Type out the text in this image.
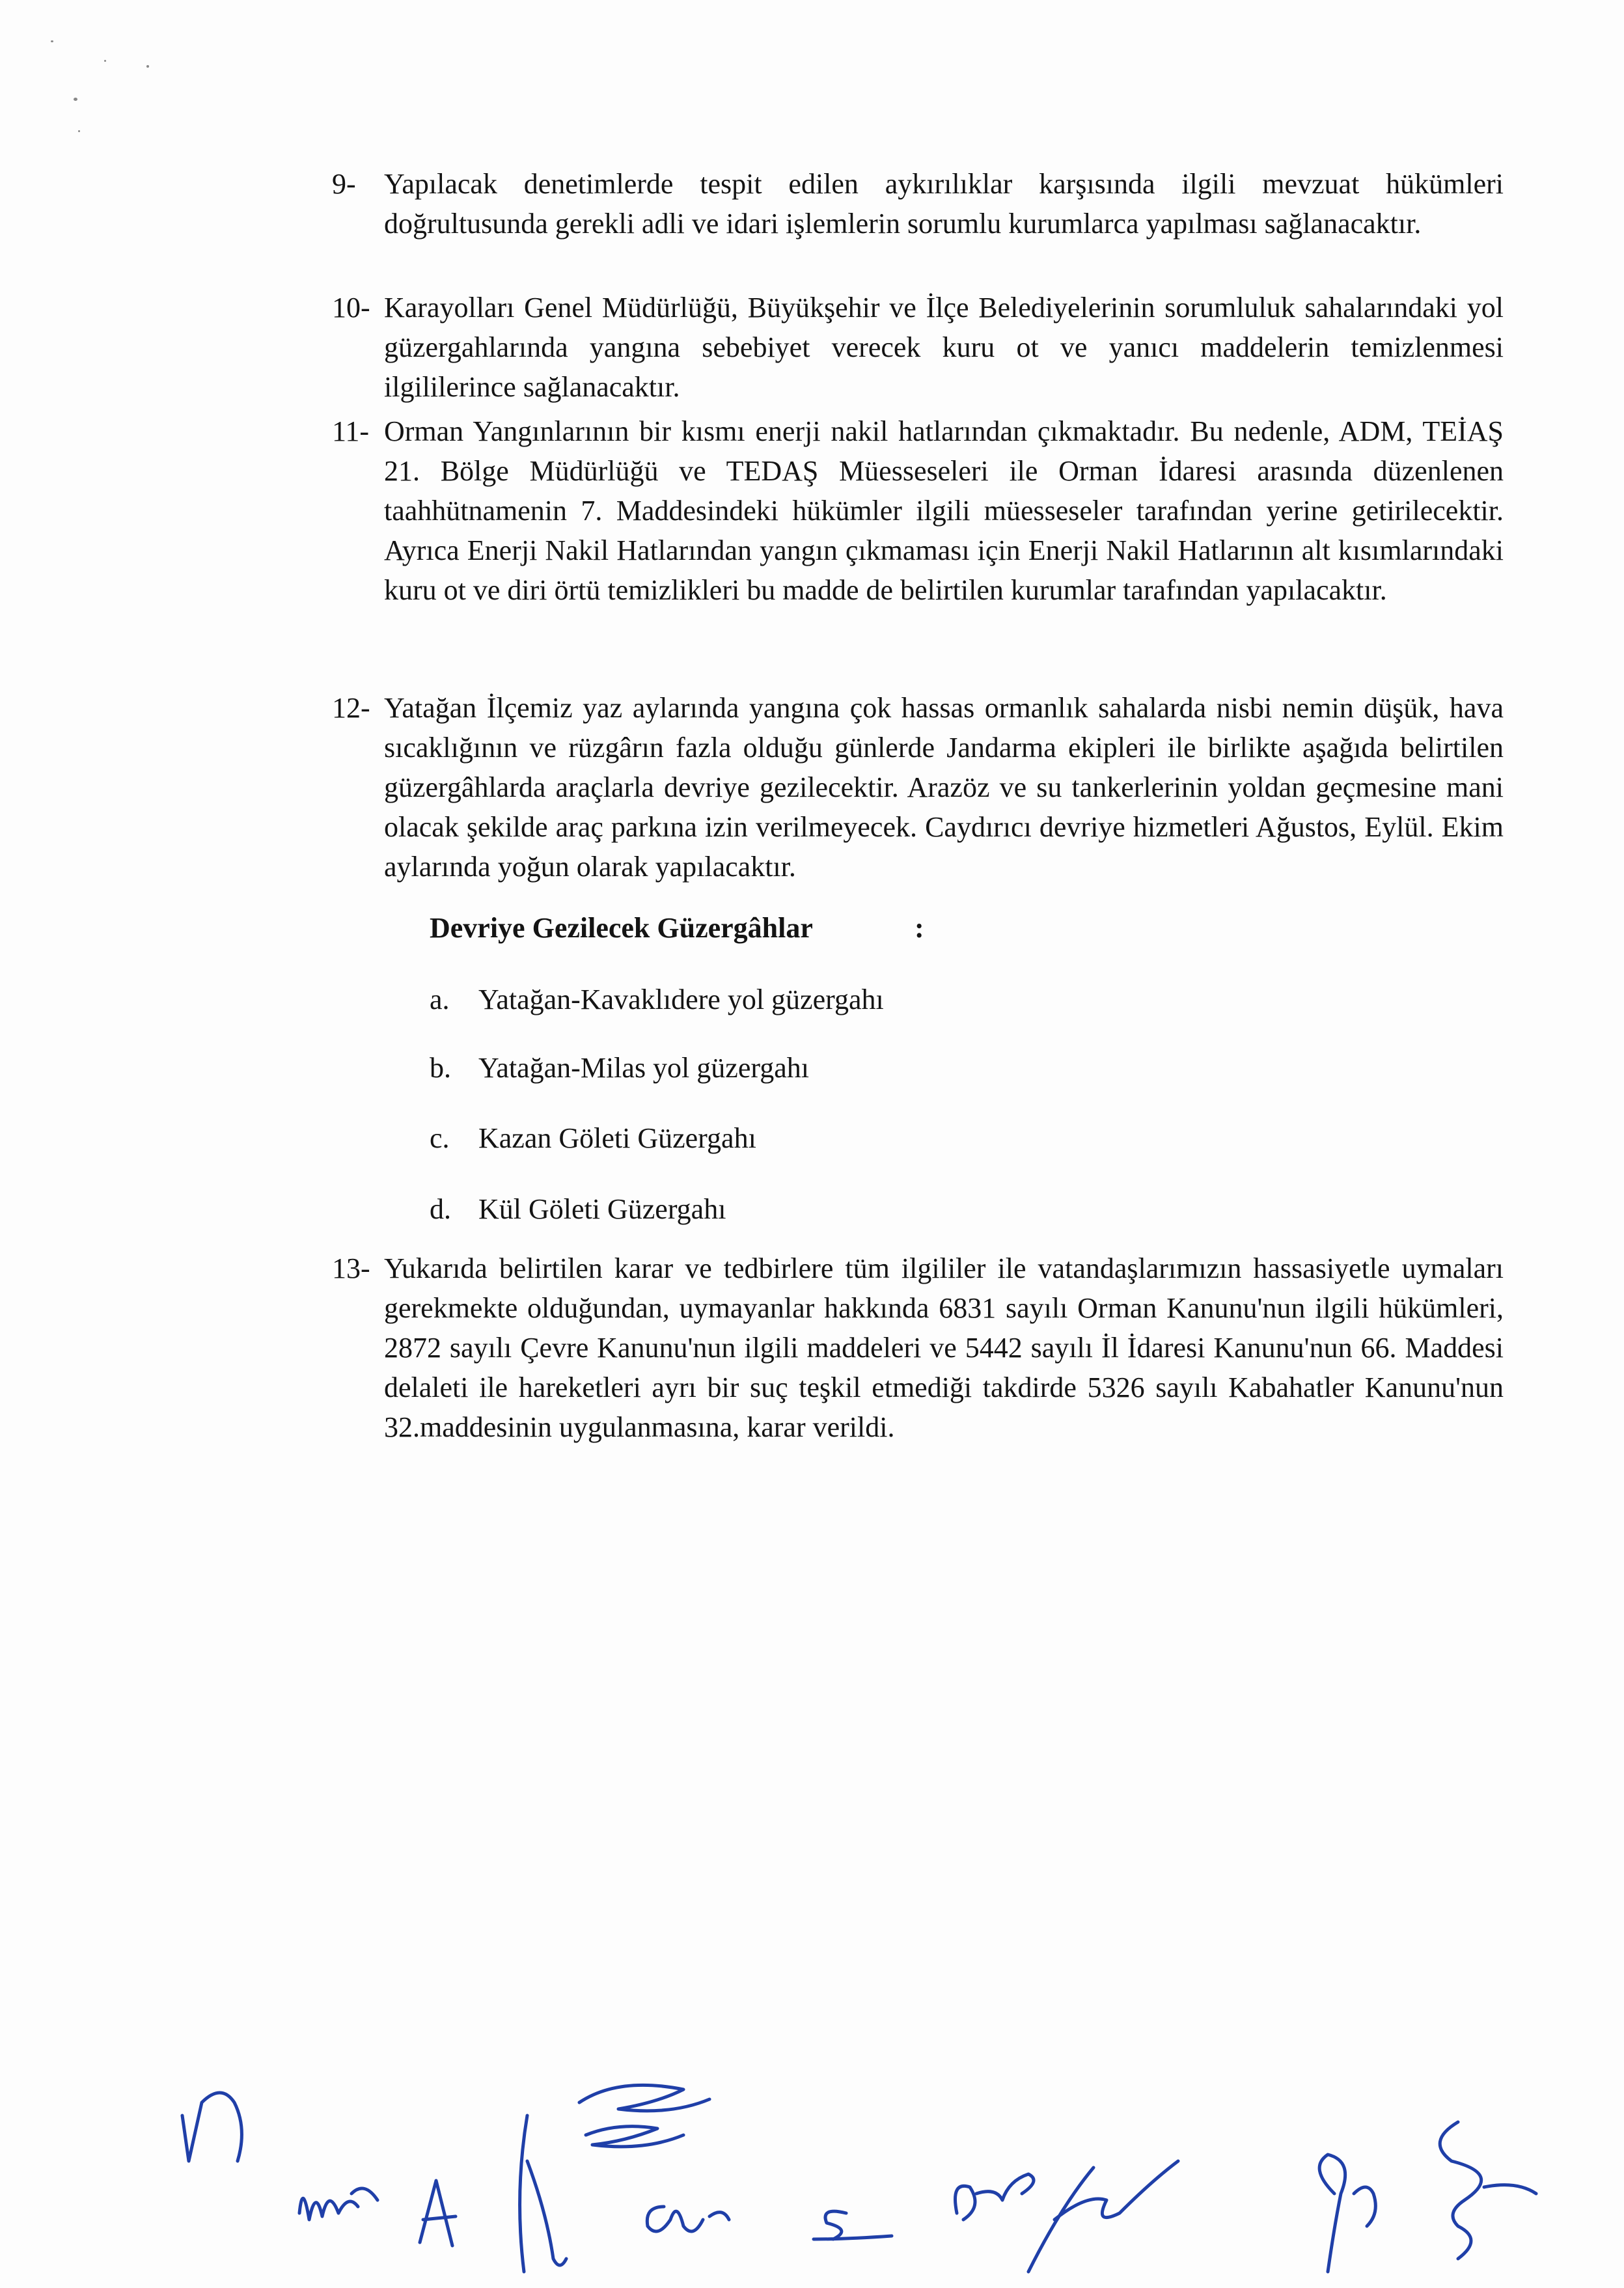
9- Yapılacak denetimlerde tespit edilen aykırılıklar karşısında ilgili mevzuat hükümleri doğrultusunda gerekli adli ve idari işlemlerin sorumlu kurumlarca yapılması sağlanacaktır.
10- Karayolları Genel Müdürlüğü, Büyükşehir ve İlçe Belediyelerinin sorumluluk sahalarındaki yol güzergahlarında yangına sebebiyet verecek kuru ot ve yanıcı maddelerin temizlenmesi ilgililerince sağlanacaktır.
11- Orman Yangınlarının bir kısmı enerji nakil hatlarından çıkmaktadır. Bu nedenle, ADM, TEİAŞ 21. Bölge Müdürlüğü ve TEDAŞ Müesseseleri ile Orman İdaresi arasında düzenlenen taahhütnamenin 7. Maddesindeki hükümler ilgili müesseseler tarafından yerine getirilecektir. Ayrıca Enerji Nakil Hatlarından yangın çıkmaması için Enerji Nakil Hatlarının alt kısımlarındaki kuru ot ve diri örtü temizlikleri bu madde de belirtilen kurumlar tarafından yapılacaktır.
12- Yatağan İlçemiz yaz aylarında yangına çok hassas ormanlık sahalarda nisbi nemin düşük, hava sıcaklığının ve rüzgârın fazla olduğu günlerde Jandarma ekipleri ile birlikte aşağıda belirtilen güzergâhlarda araçlarla devriye gezilecektir. Arazöz ve su tankerlerinin yoldan geçmesine mani olacak şekilde araç parkına izin verilmeyecek. Caydırıcı devriye hizmetleri Ağustos, Eylül. Ekim aylarında yoğun olarak yapılacaktır.
Devriye Gezilecek Güzergâhlar	:
a. Yatağan-Kavaklıdere yol güzergahı
b. Yatağan-Milas yol güzergahı
c. Kazan Göleti Güzergahı
d. Kül Göleti Güzergahı
13- Yukarıda belirtilen karar ve tedbirlere tüm ilgililer ile vatandaşlarımızın hassasiyetle uymaları gerekmekte olduğundan, uymayanlar hakkında 6831 sayılı Orman Kanunu'nun ilgili hükümleri, 2872 sayılı Çevre Kanunu'nun ilgili maddeleri ve 5442 sayılı İl İdaresi Kanunu'nun 66. Maddesi delaleti ile hareketleri ayrı bir suç teşkil etmediği takdirde 5326 sayılı Kabahatler Kanunu'nun 32.maddesinin uygulanmasına, karar verildi.
